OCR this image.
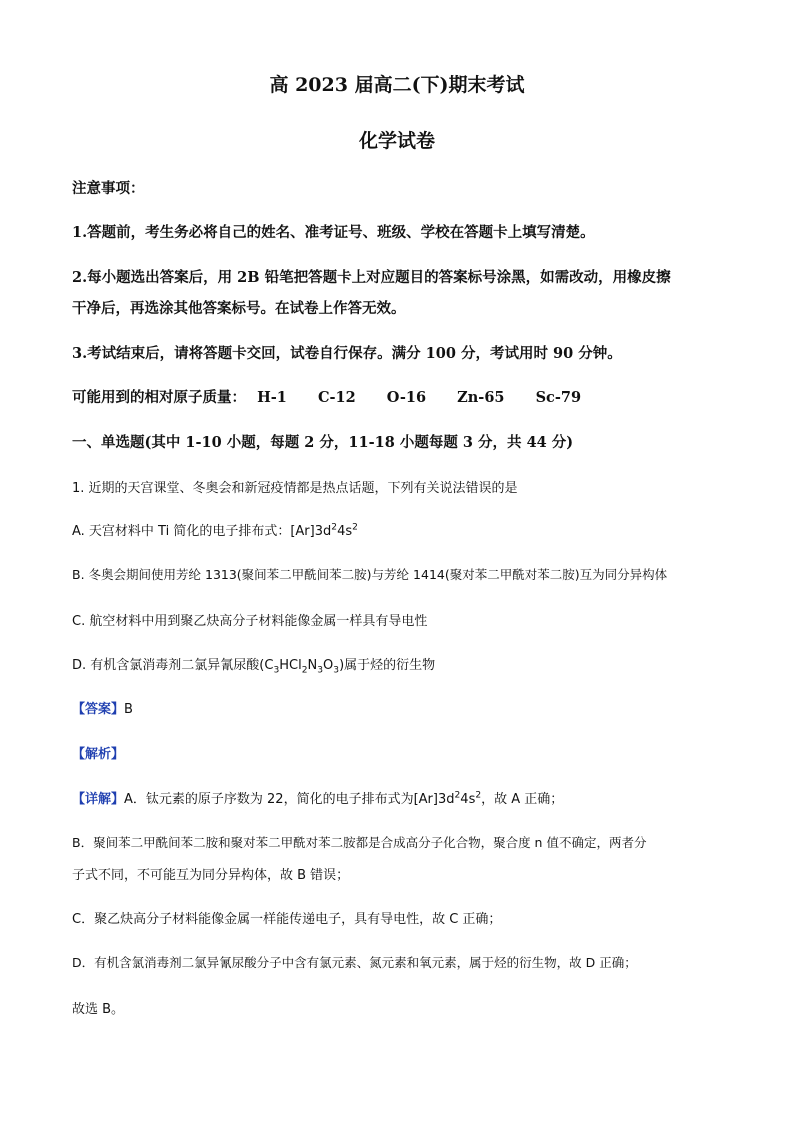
高 2023 届高二(下)期末考试
化学试卷
注意事项：
1.答题前，考生务必将自己的姓名、准考证号、班级、学校在答题卡上填写清楚。
2.每小题选出答案后，用 2B 铅笔把答题卡上对应题目的答案标号涂黑，如需改动，用橡皮擦
干净后，再选涂其他答案标号。在试卷上作答无效。
3.考试结束后，请将答题卡交回，试卷自行保存。满分 100 分，考试用时 90 分钟。
可能用到的相对原子质量： H-1 C-12 O-16 Zn-65 Sc-79
一、单选题(其中 1-10 小题，每题 2 分，11-18 小题每题 3 分，共 44 分)
1. 近期的天宫课堂、冬奥会和新冠疫情都是热点话题，下列有关说法错误的是
A. 天宫材料中 Ti 简化的电子排布式：$[Ar]3d^24s^2$
B. 冬奥会期间使用芳纶 1313(聚间苯二甲酰间苯二胺)与芳纶 1414(聚对苯二甲酰对苯二胺)互为同分异构体
C. 航空材料中用到聚乙炔高分子材料能像金属一样具有导电性
D. 有机含氯消毒剂二氯异氰尿酸$(C_3HCl_2N_3O_3)$属于烃的衍生物
【答案】B
【解析】
【详解】A．钛元素的原子序数为 22，简化的电子排布式为$[Ar]3d^24s^2$，故 A 正确；
B．聚间苯二甲酰间苯二胺和聚对苯二甲酰对苯二胺都是合成高分子化合物，聚合度 n 值不确定，两者分
子式不同，不可能互为同分异构体，故 B 错误；
C．聚乙炔高分子材料能像金属一样能传递电子，具有导电性，故 C 正确；
D．有机含氯消毒剂二氯异氰尿酸分子中含有氯元素、氮元素和氧元素，属于烃的衍生物，故 D 正确；
故选 B。
